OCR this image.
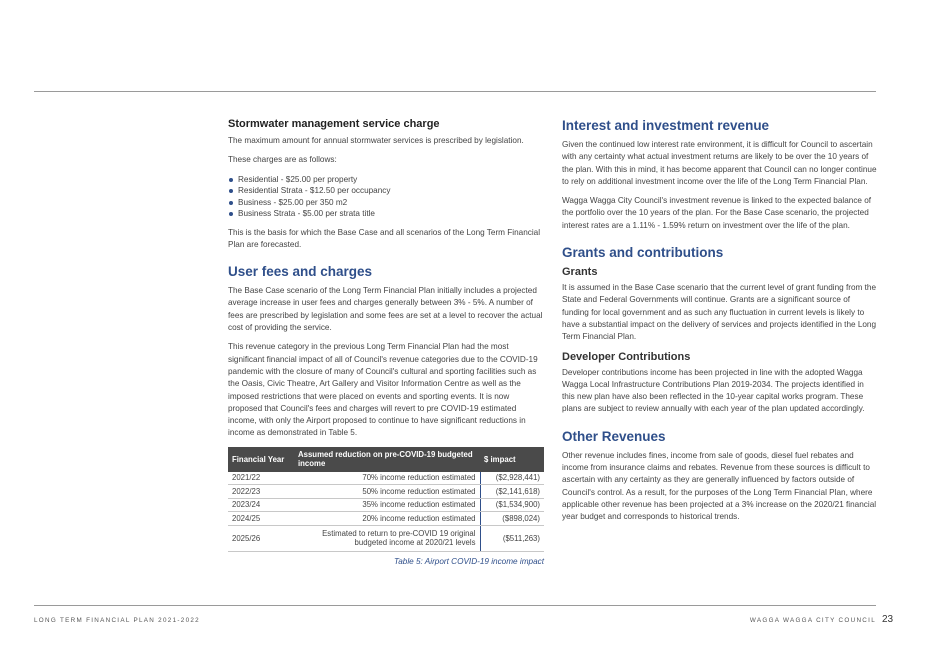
Stormwater management service charge

The maximum amount for annual stormwater services is prescribed by legislation.

These charges are as follows:

Residential - $25.00 per property
Residential Strata - $12.50 per occupancy
Business - $25.00 per 350 m2
Business Strata - $5.00 per strata title

This is the basis for which the Base Case and all scenarios of the Long Term Financial Plan are forecasted.

User fees and charges

The Base Case scenario of the Long Term Financial Plan initially includes a projected average increase in user fees and charges generally between 3% - 5%. A number of fees are prescribed by legislation and some fees are set at a level to recover the actual cost of providing the service.

This revenue category in the previous Long Term Financial Plan had the most significant financial impact of all of Council's revenue categories due to the COVID-19 pandemic with the closure of many of Council's cultural and sporting facilities such as the Oasis, Civic Theatre, Art Gallery and Visitor Information Centre as well as the imposed restrictions that were placed on events and sporting events. It is now proposed that Council's fees and charges will revert to pre COVID-19 estimated income, with only the Airport proposed to continue to have significant reductions in income as demonstrated in Table 5.

Financial Year	Assumed reduction on pre-COVID-19 budgeted income	$ impact
2021/22	70% income reduction estimated	($2,928,441)
2022/23	50% income reduction estimated	($2,141,618)
2023/24	35% income reduction estimated	($1,534,900)
2024/25	20% income reduction estimated	($898,024)
2025/26	Estimated to return to pre-COVID 19 original budgeted income at 2020/21 levels	($511,263)
Table 5: Airport COVID-19 income impact
Interest and investment revenue

Given the continued low interest rate environment, it is difficult for Council to ascertain with any certainty what actual investment returns are likely to be over the 10 years of the plan. With this in mind, it has become apparent that Council can no longer continue to rely on additional investment income over the life of the Long Term Financial Plan.

Wagga Wagga City Council's investment revenue is linked to the expected balance of the portfolio over the 10 years of the plan. For the Base Case scenario, the projected interest rates are a 1.11% - 1.59% return on investment over the life of the plan.

Grants and contributions
Grants

It is assumed in the Base Case scenario that the current level of grant funding from the State and Federal Governments will continue. Grants are a significant source of funding for local government and as such any fluctuation in current levels is likely to have a substantial impact on the delivery of services and projects identified in the Long Term Financial Plan.

Developer Contributions

Developer contributions income has been projected in line with the adopted Wagga Wagga Local Infrastructure Contributions Plan 2019-2034. The projects identified in this new plan have also been reflected in the 10-year capital works program. These plans are subject to review annually with each year of the plan updated accordingly.

Other Revenues

Other revenue includes fines, income from sale of goods, diesel fuel rebates and income from insurance claims and rebates. Revenue from these sources is difficult to ascertain with any certainty as they are generally influenced by factors outside of Council's control. As a result, for the purposes of the Long Term Financial Plan, where applicable other revenue has been projected at a 3% increase on the 2020/21 financial year budget and corresponds to historical trends.

LONG TERM FINANCIAL PLAN 2021-2022	WAGGA WAGGA CITY COUNCIL 23
